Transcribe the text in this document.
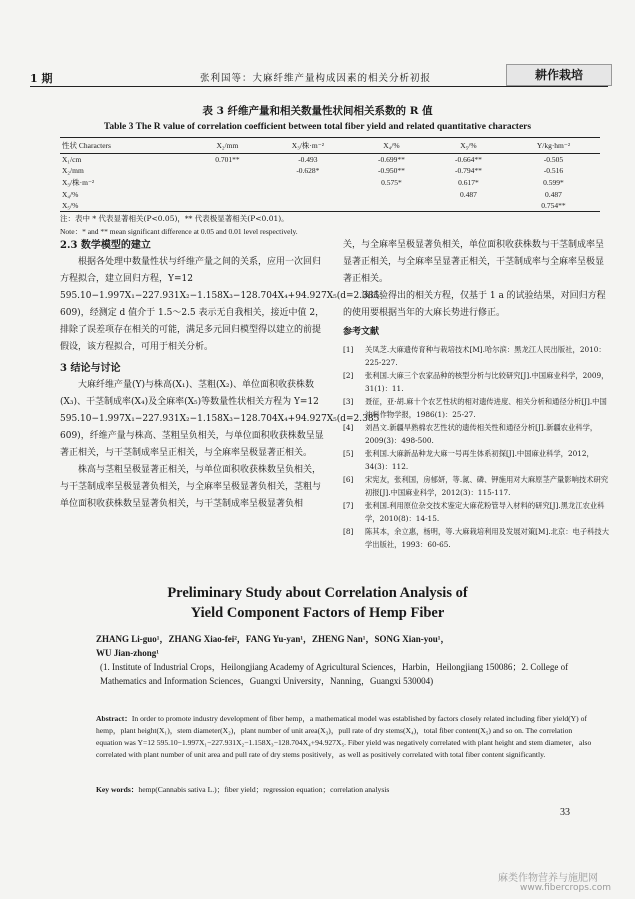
1 期	张利国等：大麻纤维产量构成因素的相关分析初报	耕作栽培
表 3 纤维产量和相关数量性状间相关系数的 R 值
Table 3 The R value of correlation coefficient between total fiber yield and related quantitative characters
性状 Characters	X₂/mm	X₃/株·m⁻²	X₄/%	X₅/%	Y/kg·hm⁻²
X₁/cm	0.701**	-0.493	-0.699**	-0.664**	-0.505
X₂/mm		-0.628*	-0.950**	-0.794**	-0.516
X₃/株·m⁻²			0.575*	0.617*	0.599*
X₄/%				0.487	0.487
X₅/%					0.754**
注：表中 * 代表显著相关(P<0.05)，** 代表极显著相关(P<0.01)。
Note：* and ** mean significant difference at 0.05 and 0.01 level respectively.
2.3 数学模型的建立

根据各处理中数量性状与纤维产量之间的关系，应用一次回归方程拟合，建立回归方程，Y=12 595.10−1.997X₁−227.931X₂−1.158X₃−128.704X₄+94.927X₅(d=2.385 609)，经测定 d 值介于 1.5～2.5 表示无自我相关，接近中值 2，排除了误差项存在相关的可能，满足多元回归模型得以建立的前提假设，该方程拟合，可用于相关分析。

3 结论与讨论

大麻纤维产量(Y)与株高(X₁)、茎粗(X₂)、单位面积收获株数(X₃)、干茎制成率(X₄)及全麻率(X₅)等数量性状相关方程为 Y=12 595.10−1.997X₁−227.931X₂−1.158X₃−128.704X₄+94.927X₅(d=2.385 609)，纤维产量与株高、茎粗呈负相关，与单位面积收获株数呈显著正相关，与干茎制成率呈正相关，与全麻率呈极显著正相关。

株高与茎粗呈极显著正相关，与单位面积收获株数呈负相关，与干茎制成率呈极显著负相关，与全麻率呈极显著负相关，茎粗与单位面积收获株数呈显著负相关，与干茎制成率呈极显著负相

关，与全麻率呈极显著负相关，单位面积收获株数与干茎制成率呈显著正相关，与全麻率呈显著正相关，干茎制成率与全麻率呈极显著正相关。

该试验得出的相关方程，仅基于 1 a 的试验结果，对回归方程的使用要根据当年的大麻长势进行修正。

参考文献
[1]	关凤芝.大麻遗传育种与栽培技术[M].哈尔滨：黑龙江人民出版社，2010：225-227.
[2]	张利国.大麻三个农家品种的核型分析与比较研究[J].中国麻业科学，2009，31(1)：11.
[3]	聂征，亚·胡.麻十个农艺性状的相对遗传进度、相关分析和通径分析[J].中国油料作物学报，1986(1)：25-27.
[4]	刘昌文.新疆旱熟棉农艺性状的遗传相关性和通径分析[J].新疆农业科学，2009(3)：498-500.
[5]	张利国.大麻新品种龙大麻一号再生体系初探[J].中国麻业科学，2012，34(3)：112.
[6]	宋宪友，张利国，房郁妍，等.氮、磷、钾施用对大麻原茎产量影响技术研究初报[J].中国麻业科学，2012(3)：115-117.
[7]	张利国.利用原位杂交技术鉴定大麻花粉管导入材料的研究[J].黑龙江农业科学，2010(8)：14-15.
[8]	陈其本，余立惠，杨明，等.大麻栽培利用及发展对策[M].北京：电子科技大学出版社，1993：60-65.
Preliminary Study about Correlation Analysis of
Yield Component Factors of Hemp Fiber
ZHANG Li-guo¹，ZHANG Xiao-fei²，FANG Yu-yan¹，ZHENG Nan¹，SONG Xian-you¹，
WU Jian-zhong¹
(1. Institute of Industrial Crops，Heilongjiang Academy of Agricultural Sciences，Harbin，Heilongjiang 150086；2. College of Mathematics and Information Sciences，Guangxi University，Nanning，Guangxi 530004)
Abstract：In order to promote industry development of fiber hemp，a mathematical model was established by factors closely related including fiber yield(Y) of hemp，plant height(X₁)，stem diameter(X₂)，plant number of unit area(X₃)，pull rate of dry stems(X₄)，total fiber content(X₅) and so on. The correlation equation was Y=12 595.10−1.997X₁−227.931X₂−1.158X₃−128.704X₄+94.927X₅. Fiber yield was negatively correlated with plant height and stem diameter，also correlated with plant number of unit area and pull rate of dry stems positively，as well as positively correlated with total fiber content significantly.
Key words：hemp(Cannabis sativa L.)；fiber yield；regression equation；correlation analysis
33
麻类作物营养与施肥网
www.fibercrops.com
